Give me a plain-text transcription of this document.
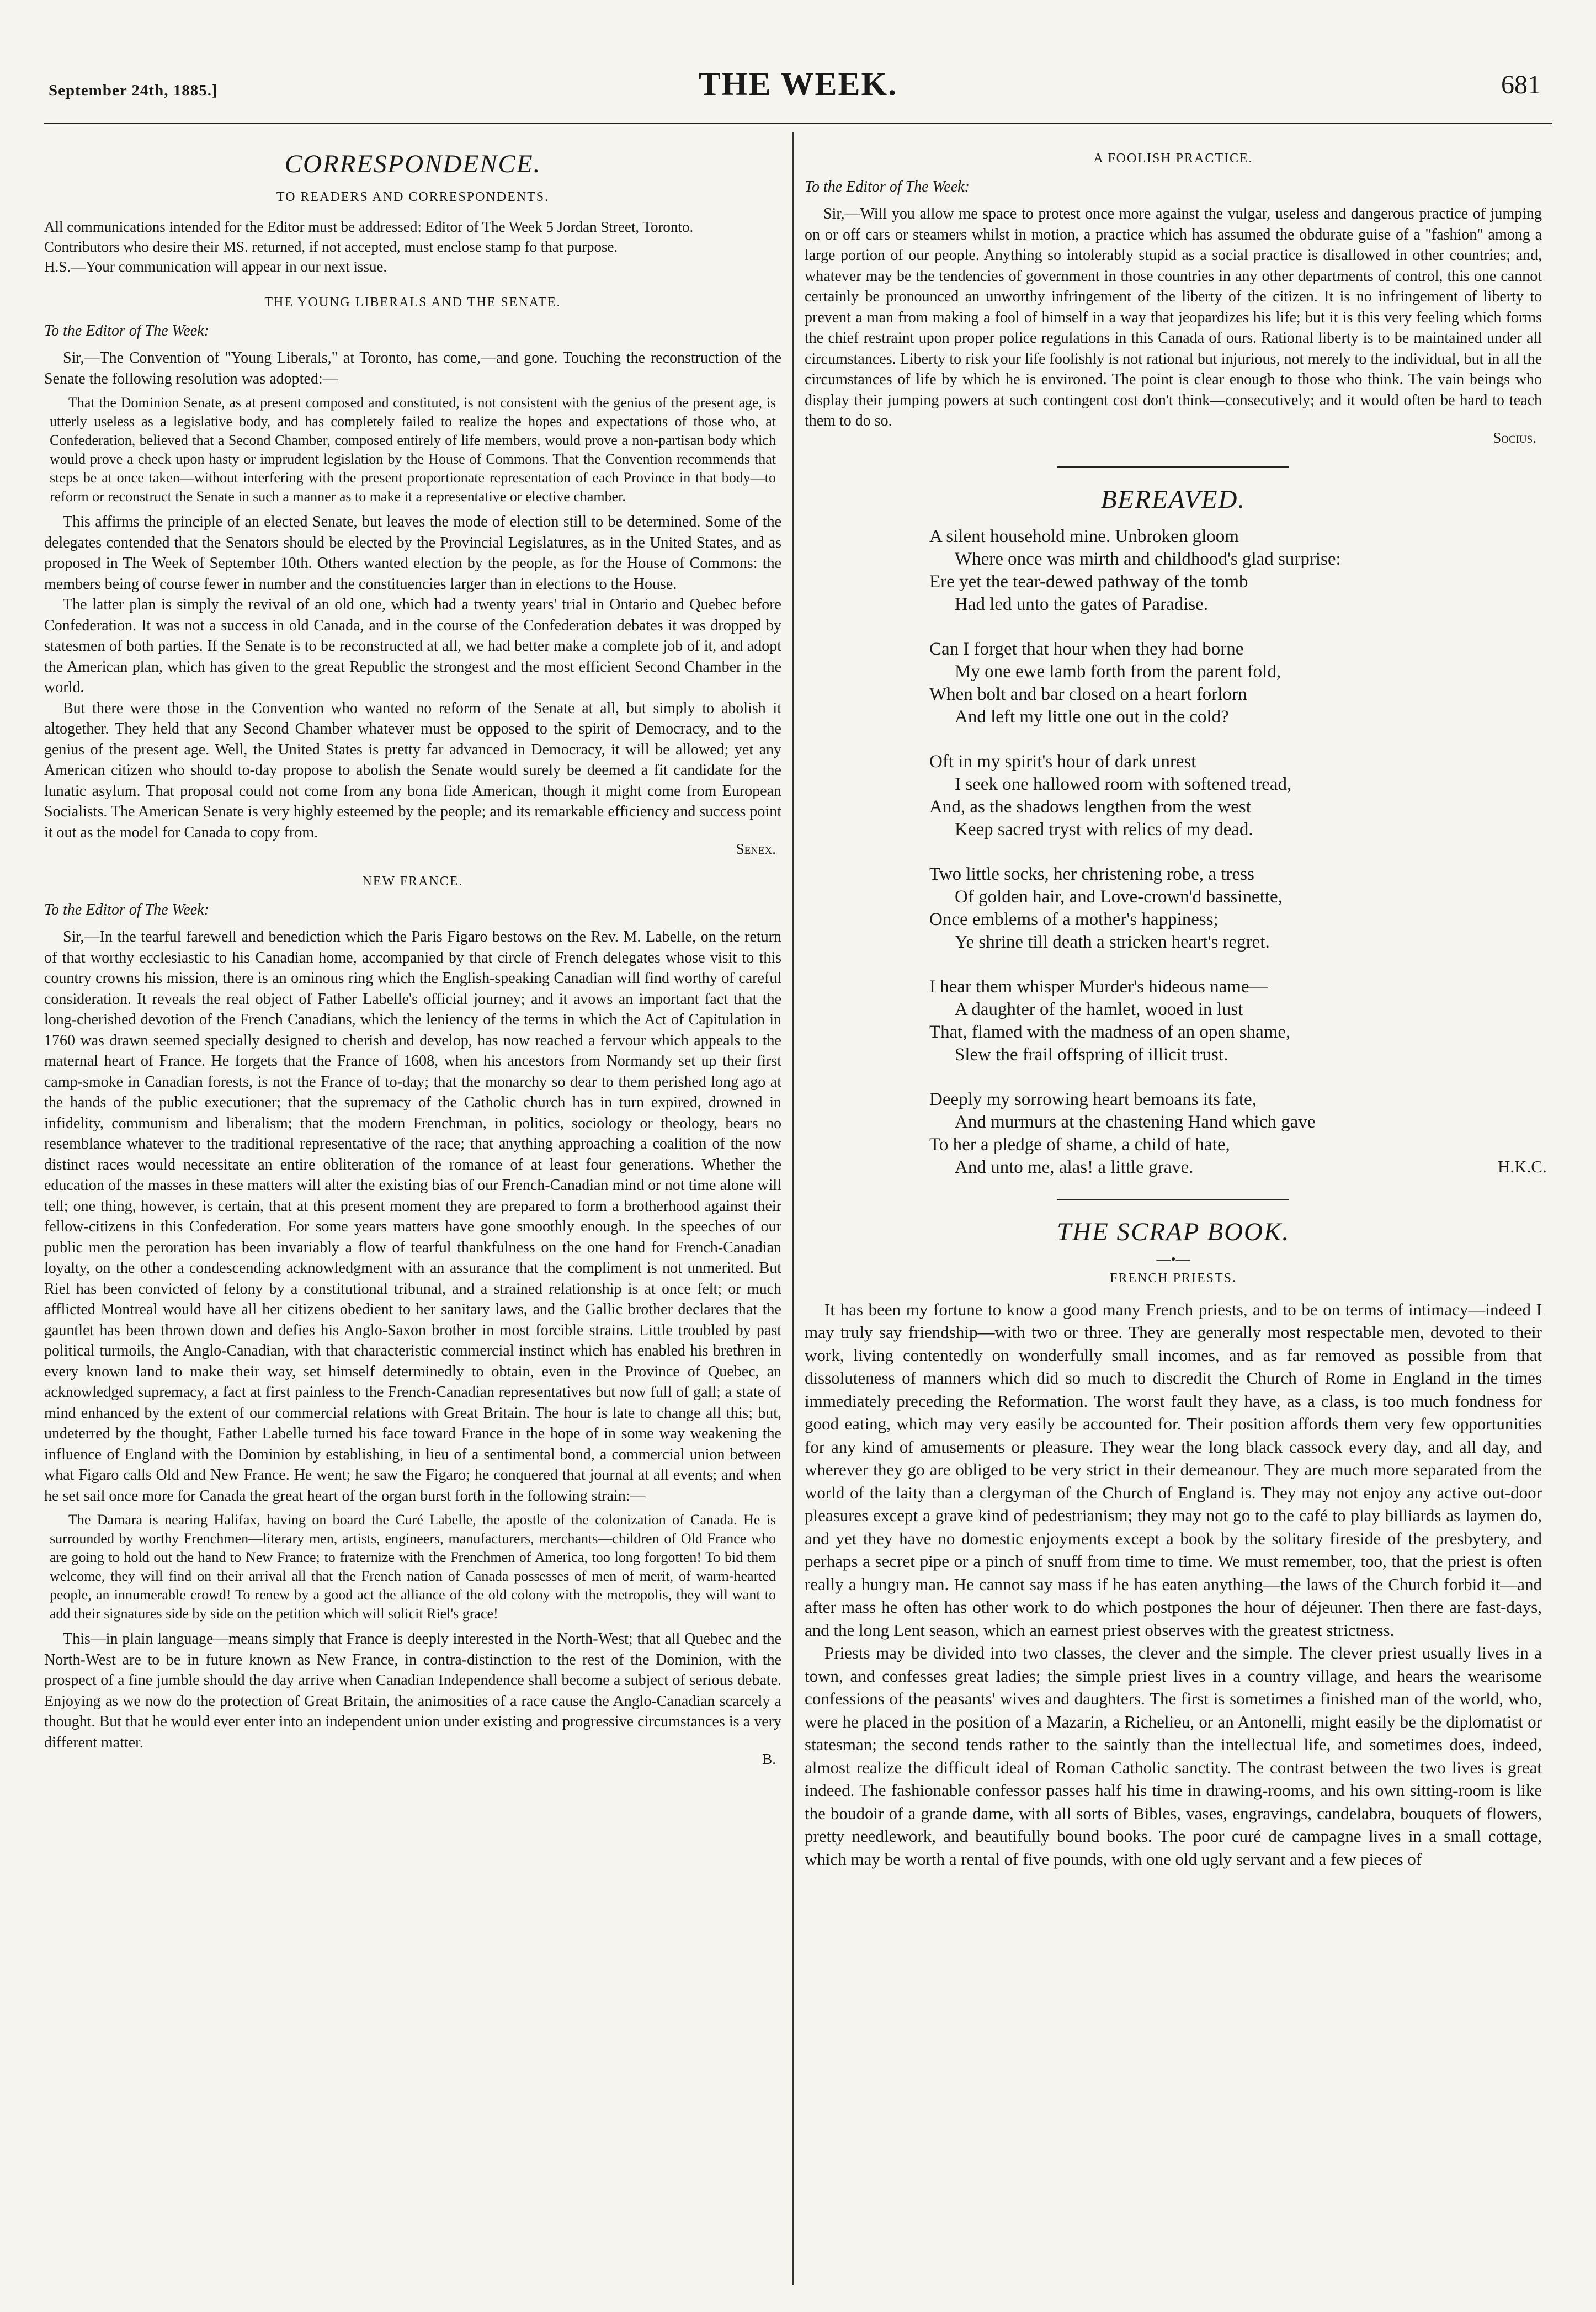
September 24th, 1885.]	THE WEEK.	681
CORRESPONDENCE.
TO READERS AND CORRESPONDENTS.

All communications intended for the Editor must be addressed: Editor of The Week 5 Jordan Street, Toronto.

Contributors who desire their MS. returned, if not accepted, must enclose stamp fo that purpose.

H.S.—Your communication will appear in our next issue.

THE YOUNG LIBERALS AND THE SENATE.
To the Editor of The Week:

Sir,—The Convention of "Young Liberals," at Toronto, has come,—and gone. Touching the reconstruction of the Senate the following resolution was adopted:—

That the Dominion Senate, as at present composed and constituted, is not consistent with the genius of the present age, is utterly useless as a legislative body, and has completely failed to realize the hopes and expectations of those who, at Confederation, believed that a Second Chamber, composed entirely of life members, would prove a non-partisan body which would prove a check upon hasty or imprudent legislation by the House of Commons. That the Convention recommends that steps be at once taken—without interfering with the present proportionate representation of each Province in that body—to reform or reconstruct the Senate in such a manner as to make it a representative or elective chamber.

This affirms the principle of an elected Senate, but leaves the mode of election still to be determined. Some of the delegates contended that the Senators should be elected by the Provincial Legislatures, as in the United States, and as proposed in The Week of September 10th. Others wanted election by the people, as for the House of Commons: the members being of course fewer in number and the constituencies larger than in elections to the House.

The latter plan is simply the revival of an old one, which had a twenty years' trial in Ontario and Quebec before Confederation. It was not a success in old Canada, and in the course of the Confederation debates it was dropped by statesmen of both parties. If the Senate is to be reconstructed at all, we had better make a complete job of it, and adopt the American plan, which has given to the great Republic the strongest and the most efficient Second Chamber in the world.

But there were those in the Convention who wanted no reform of the Senate at all, but simply to abolish it altogether. They held that any Second Chamber whatever must be opposed to the spirit of Democracy, and to the genius of the present age. Well, the United States is pretty far advanced in Democracy, it will be allowed; yet any American citizen who should to-day propose to abolish the Senate would surely be deemed a fit candidate for the lunatic asylum. That proposal could not come from any bona fide American, though it might come from European Socialists. The American Senate is very highly esteemed by the people; and its remarkable efficiency and success point it out as the model for Canada to copy from.

Senex.
NEW FRANCE.
To the Editor of The Week:

Sir,—In the tearful farewell and benediction which the Paris Figaro bestows on the Rev. M. Labelle, on the return of that worthy ecclesiastic to his Canadian home, accompanied by that circle of French delegates whose visit to this country crowns his mission, there is an ominous ring which the English-speaking Canadian will find worthy of careful consideration. It reveals the real object of Father Labelle's official journey; and it avows an important fact that the long-cherished devotion of the French Canadians, which the leniency of the terms in which the Act of Capitulation in 1760 was drawn seemed specially designed to cherish and develop, has now reached a fervour which appeals to the maternal heart of France. He forgets that the France of 1608, when his ancestors from Normandy set up their first camp-smoke in Canadian forests, is not the France of to-day; that the monarchy so dear to them perished long ago at the hands of the public executioner; that the supremacy of the Catholic church has in turn expired, drowned in infidelity, communism and liberalism; that the modern Frenchman, in politics, sociology or theology, bears no resemblance whatever to the traditional representative of the race; that anything approaching a coalition of the now distinct races would necessitate an entire obliteration of the romance of at least four generations. Whether the education of the masses in these matters will alter the existing bias of our French-Canadian mind or not time alone will tell; one thing, however, is certain, that at this present moment they are prepared to form a brotherhood against their fellow-citizens in this Confederation. For some years matters have gone smoothly enough. In the speeches of our public men the peroration has been invariably a flow of tearful thankfulness on the one hand for French-Canadian loyalty, on the other a condescending acknowledgment with an assurance that the compliment is not unmerited. But Riel has been convicted of felony by a constitutional tribunal, and a strained relationship is at once felt; or much afflicted Montreal would have all her citizens obedient to her sanitary laws, and the Gallic brother declares that the gauntlet has been thrown down and defies his Anglo-Saxon brother in most forcible strains. Little troubled by past political turmoils, the Anglo-Canadian, with that characteristic commercial instinct which has enabled his brethren in every known land to make their way, set himself determinedly to obtain, even in the Province of Quebec, an acknowledged supremacy, a fact at first painless to the French-Canadian representatives but now full of gall; a state of mind enhanced by the extent of our commercial relations with Great Britain. The hour is late to change all this; but, undeterred by the thought, Father Labelle turned his face toward France in the hope of in some way weakening the influence of England with the Dominion by establishing, in lieu of a sentimental bond, a commercial union between what Figaro calls Old and New France. He went; he saw the Figaro; he conquered that journal at all events; and when he set sail once more for Canada the great heart of the organ burst forth in the following strain:—

The Damara is nearing Halifax, having on board the Curé Labelle, the apostle of the colonization of Canada. He is surrounded by worthy Frenchmen—literary men, artists, engineers, manufacturers, merchants—children of Old France who are going to hold out the hand to New France; to fraternize with the Frenchmen of America, too long forgotten! To bid them welcome, they will find on their arrival all that the French nation of Canada possesses of men of merit, of warm-hearted people, an innumerable crowd! To renew by a good act the alliance of the old colony with the metropolis, they will want to add their signatures side by side on the petition which will solicit Riel's grace!

This—in plain language—means simply that France is deeply interested in the North-West; that all Quebec and the North-West are to be in future known as New France, in contra-distinction to the rest of the Dominion, with the prospect of a fine jumble should the day arrive when Canadian Independence shall become a subject of serious debate. Enjoying as we now do the protection of Great Britain, the animosities of a race cause the Anglo-Canadian scarcely a thought. But that he would ever enter into an independent union under existing and progressive circumstances is a very different matter.

B.
A FOOLISH PRACTICE.
To the Editor of The Week:

Sir,—Will you allow me space to protest once more against the vulgar, useless and dangerous practice of jumping on or off cars or steamers whilst in motion, a practice which has assumed the obdurate guise of a "fashion" among a large portion of our people. Anything so intolerably stupid as a social practice is disallowed in other countries; and, whatever may be the tendencies of government in those countries in any other departments of control, this one cannot certainly be pronounced an unworthy infringement of the liberty of the citizen. It is no infringement of liberty to prevent a man from making a fool of himself in a way that jeopardizes his life; but it is this very feeling which forms the chief restraint upon proper police regulations in this Canada of ours. Rational liberty is to be maintained under all circumstances. Liberty to risk your life foolishly is not rational but injurious, not merely to the individual, but in all the circumstances of life by which he is environed. The point is clear enough to those who think. The vain beings who display their jumping powers at such contingent cost don't think—consecutively; and it would often be hard to teach them to do so.

Socius.
BEREAVED.
A silent household mine. Unbroken gloom
Where once was mirth and childhood's glad surprise:
Ere yet the tear-dewed pathway of the tomb
Had led unto the gates of Paradise.
Can I forget that hour when they had borne
My one ewe lamb forth from the parent fold,
When bolt and bar closed on a heart forlorn
And left my little one out in the cold?
Oft in my spirit's hour of dark unrest
I seek one hallowed room with softened tread,
And, as the shadows lengthen from the west
Keep sacred tryst with relics of my dead.
Two little socks, her christening robe, a tress
Of golden hair, and Love-crown'd bassinette,
Once emblems of a mother's happiness;
Ye shrine till death a stricken heart's regret.
I hear them whisper Murder's hideous name—
A daughter of the hamlet, wooed in lust
That, flamed with the madness of an open shame,
Slew the frail offspring of illicit trust.
Deeply my sorrowing heart bemoans its fate,
And murmurs at the chastening Hand which gave
To her a pledge of shame, a child of hate,
And unto me, alas! a little grave.	H.K.C.
THE SCRAP BOOK.
—•—
FRENCH PRIESTS.

It has been my fortune to know a good many French priests, and to be on terms of intimacy—indeed I may truly say friendship—with two or three. They are generally most respectable men, devoted to their work, living contentedly on wonderfully small incomes, and as far removed as possible from that dissoluteness of manners which did so much to discredit the Church of Rome in England in the times immediately preceding the Reformation. The worst fault they have, as a class, is too much fondness for good eating, which may very easily be accounted for. Their position affords them very few opportunities for any kind of amusements or pleasure. They wear the long black cassock every day, and all day, and wherever they go are obliged to be very strict in their demeanour. They are much more separated from the world of the laity than a clergyman of the Church of England is. They may not enjoy any active out-door pleasures except a grave kind of pedestrianism; they may not go to the café to play billiards as laymen do, and yet they have no domestic enjoyments except a book by the solitary fireside of the presbytery, and perhaps a secret pipe or a pinch of snuff from time to time. We must remember, too, that the priest is often really a hungry man. He cannot say mass if he has eaten anything—the laws of the Church forbid it—and after mass he often has other work to do which postpones the hour of déjeuner. Then there are fast-days, and the long Lent season, which an earnest priest observes with the greatest strictness.

Priests may be divided into two classes, the clever and the simple. The clever priest usually lives in a town, and confesses great ladies; the simple priest lives in a country village, and hears the wearisome confessions of the peasants' wives and daughters. The first is sometimes a finished man of the world, who, were he placed in the position of a Mazarin, a Richelieu, or an Antonelli, might easily be the diplomatist or statesman; the second tends rather to the saintly than the intellectual life, and sometimes does, indeed, almost realize the difficult ideal of Roman Catholic sanctity. The contrast between the two lives is great indeed. The fashionable confessor passes half his time in drawing-rooms, and his own sitting-room is like the boudoir of a grande dame, with all sorts of Bibles, vases, engravings, candelabra, bouquets of flowers, pretty needlework, and beautifully bound books. The poor curé de campagne lives in a small cottage, which may be worth a rental of five pounds, with one old ugly servant and a few pieces of
